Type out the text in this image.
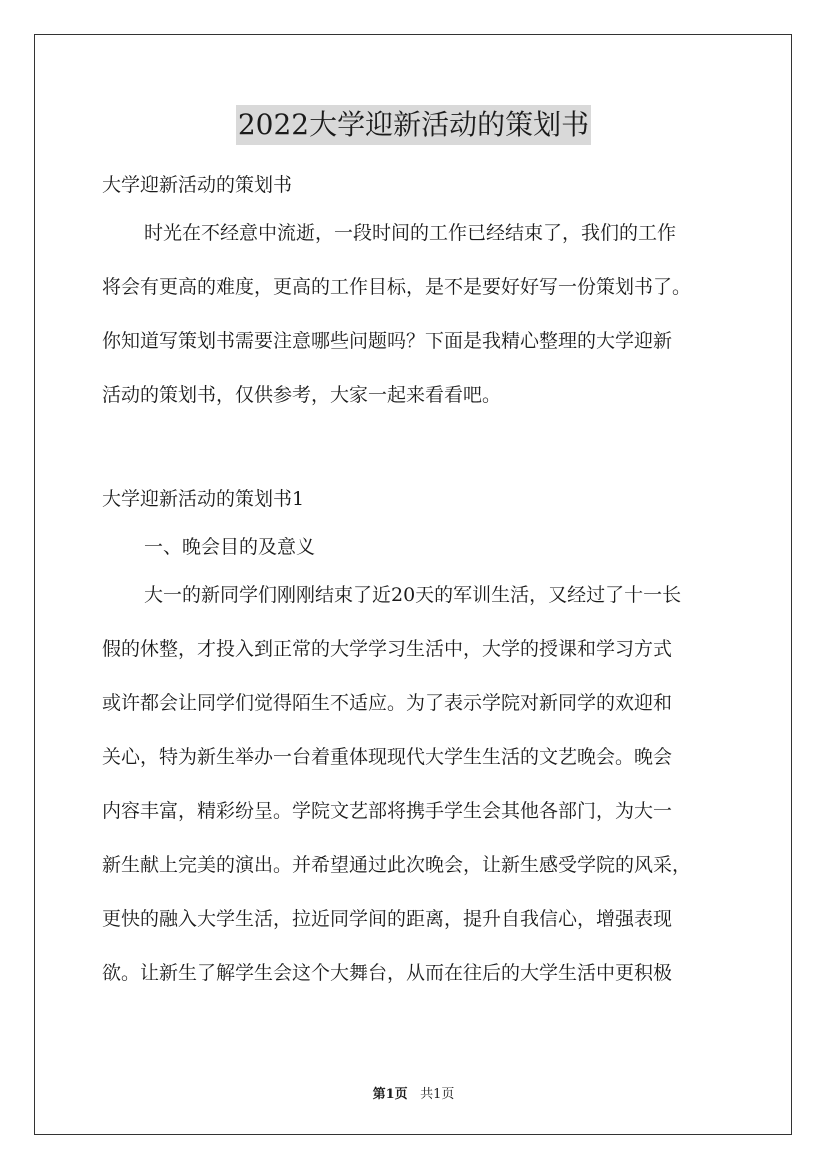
2022大学迎新活动的策划书
大学迎新活动的策划书
时光在不经意中流逝，一段时间的工作已经结束了，我们的工作
将会有更高的难度，更高的工作目标，是不是要好好写一份策划书了。
你知道写策划书需要注意哪些问题吗？下面是我精心整理的大学迎新
活动的策划书，仅供参考，大家一起来看看吧。
大学迎新活动的策划书1
一、晚会目的及意义
大一的新同学们刚刚结束了近20天的军训生活，又经过了十一长
假的休整，才投入到正常的大学学习生活中，大学的授课和学习方式
或许都会让同学们觉得陌生不适应。为了表示学院对新同学的欢迎和
关心，特为新生举办一台着重体现现代大学生生活的文艺晚会。晚会
内容丰富，精彩纷呈。学院文艺部将携手学生会其他各部门，为大一
新生献上完美的演出。并希望通过此次晚会，让新生感受学院的风采，
更快的融入大学生活，拉近同学间的距离，提升自我信心，增强表现
欲。让新生了解学生会这个大舞台，从而在往后的大学生活中更积极
第1页 共1页
